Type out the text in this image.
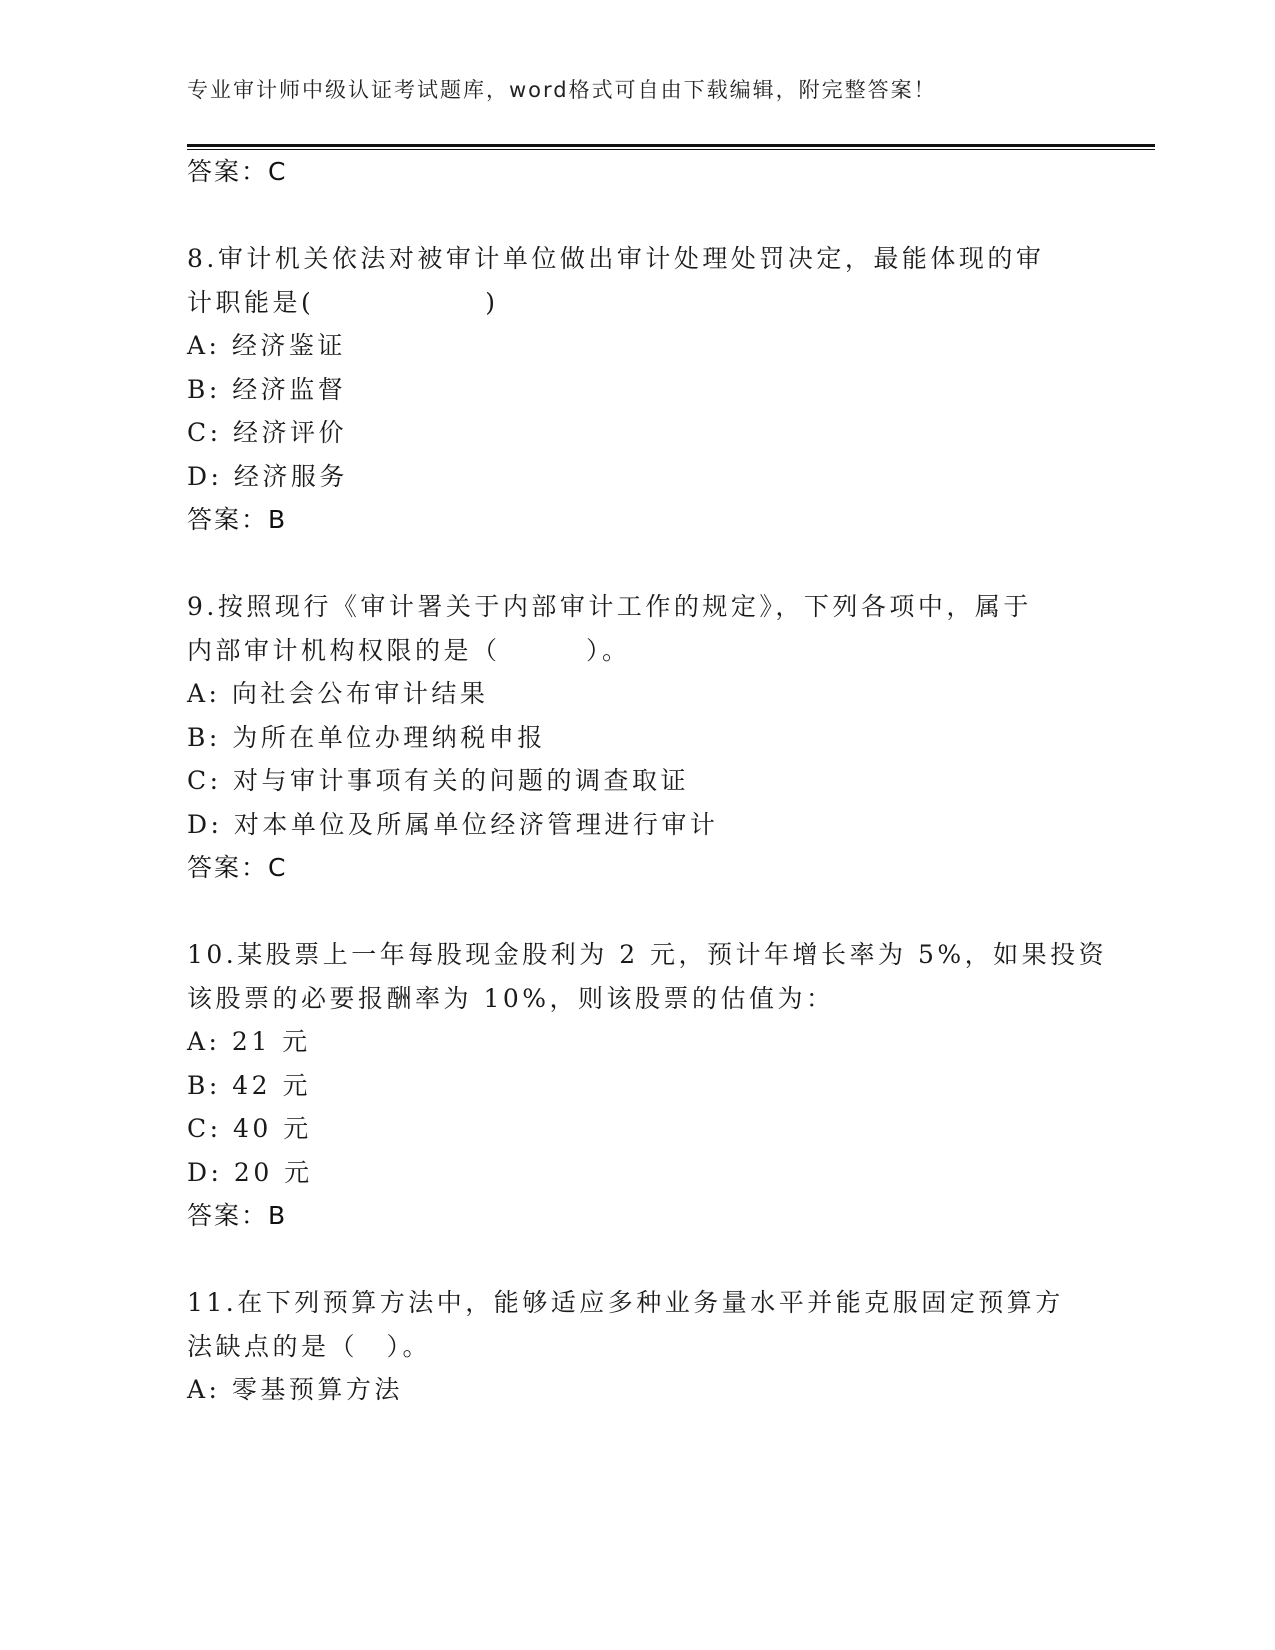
专业审计师中级认证考试题库，word格式可自由下载编辑，附完整答案！
答案：C
8.审计机关依法对被审计单位做出审计处理处罚决定，最能体现的审
计职能是(　　　　　　)
A: 经济鉴证
B: 经济监督
C: 经济评价
D: 经济服务
答案：B
9.按照现行《审计署关于内部审计工作的规定》，下列各项中，属于
内部审计机构权限的是（　　　）。
A: 向社会公布审计结果
B: 为所在单位办理纳税申报
C: 对与审计事项有关的问题的调查取证
D: 对本单位及所属单位经济管理进行审计
答案：C
10.某股票上一年每股现金股利为 2 元，预计年增长率为 5%，如果投资
该股票的必要报酬率为 10%，则该股票的估值为：
A: 21 元
B: 42 元
C: 40 元
D: 20 元
答案：B
11.在下列预算方法中，能够适应多种业务量水平并能克服固定预算方
法缺点的是（　）。
A: 零基预算方法
